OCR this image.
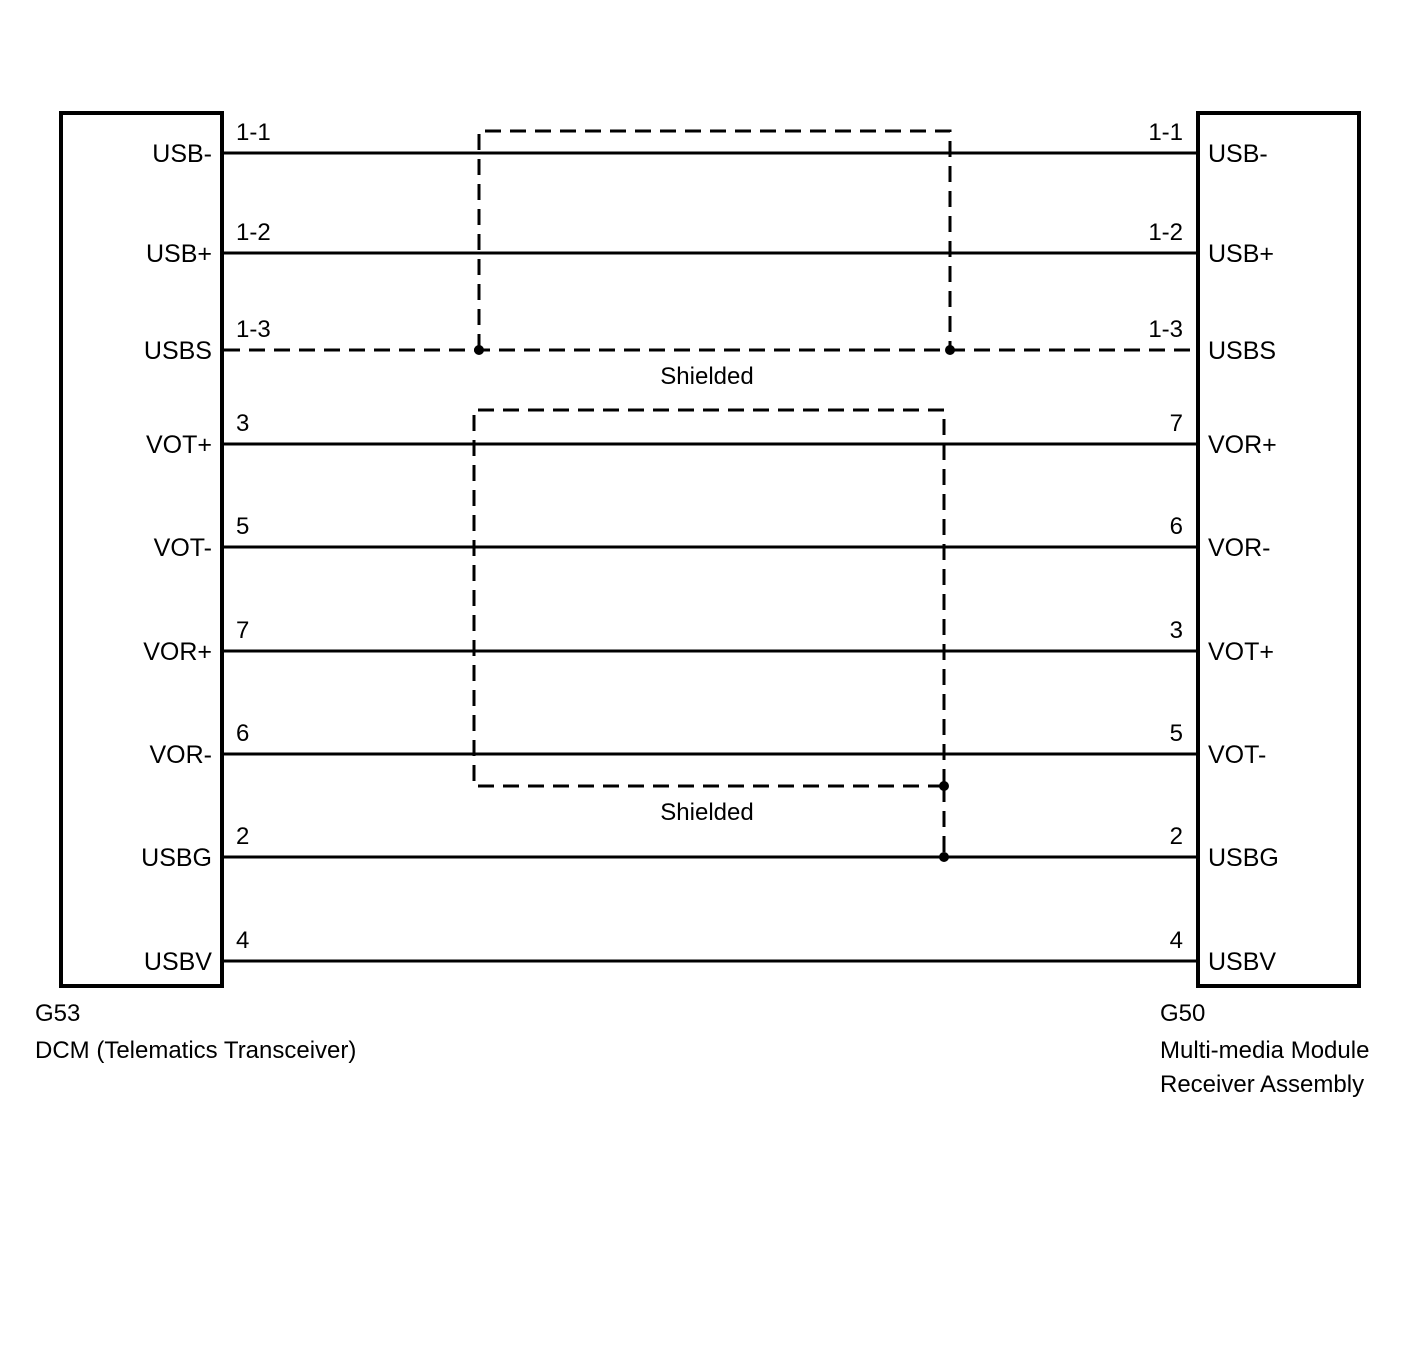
USB-
1-1
USB-
1-1
USB+
1-2
USB+
1-2
USBS
1-3
USBS
1-3
VOT+
3
VOR+
7
VOT-
5
VOR-
6
VOR+
7
VOT+
3
VOR-
6
VOT-
5
USBG
2
USBG
2
USBV
4
USBV
4
Shielded
Shielded
G53
DCM (Telematics Transceiver)
G50
Multi-media Module
Receiver Assembly
